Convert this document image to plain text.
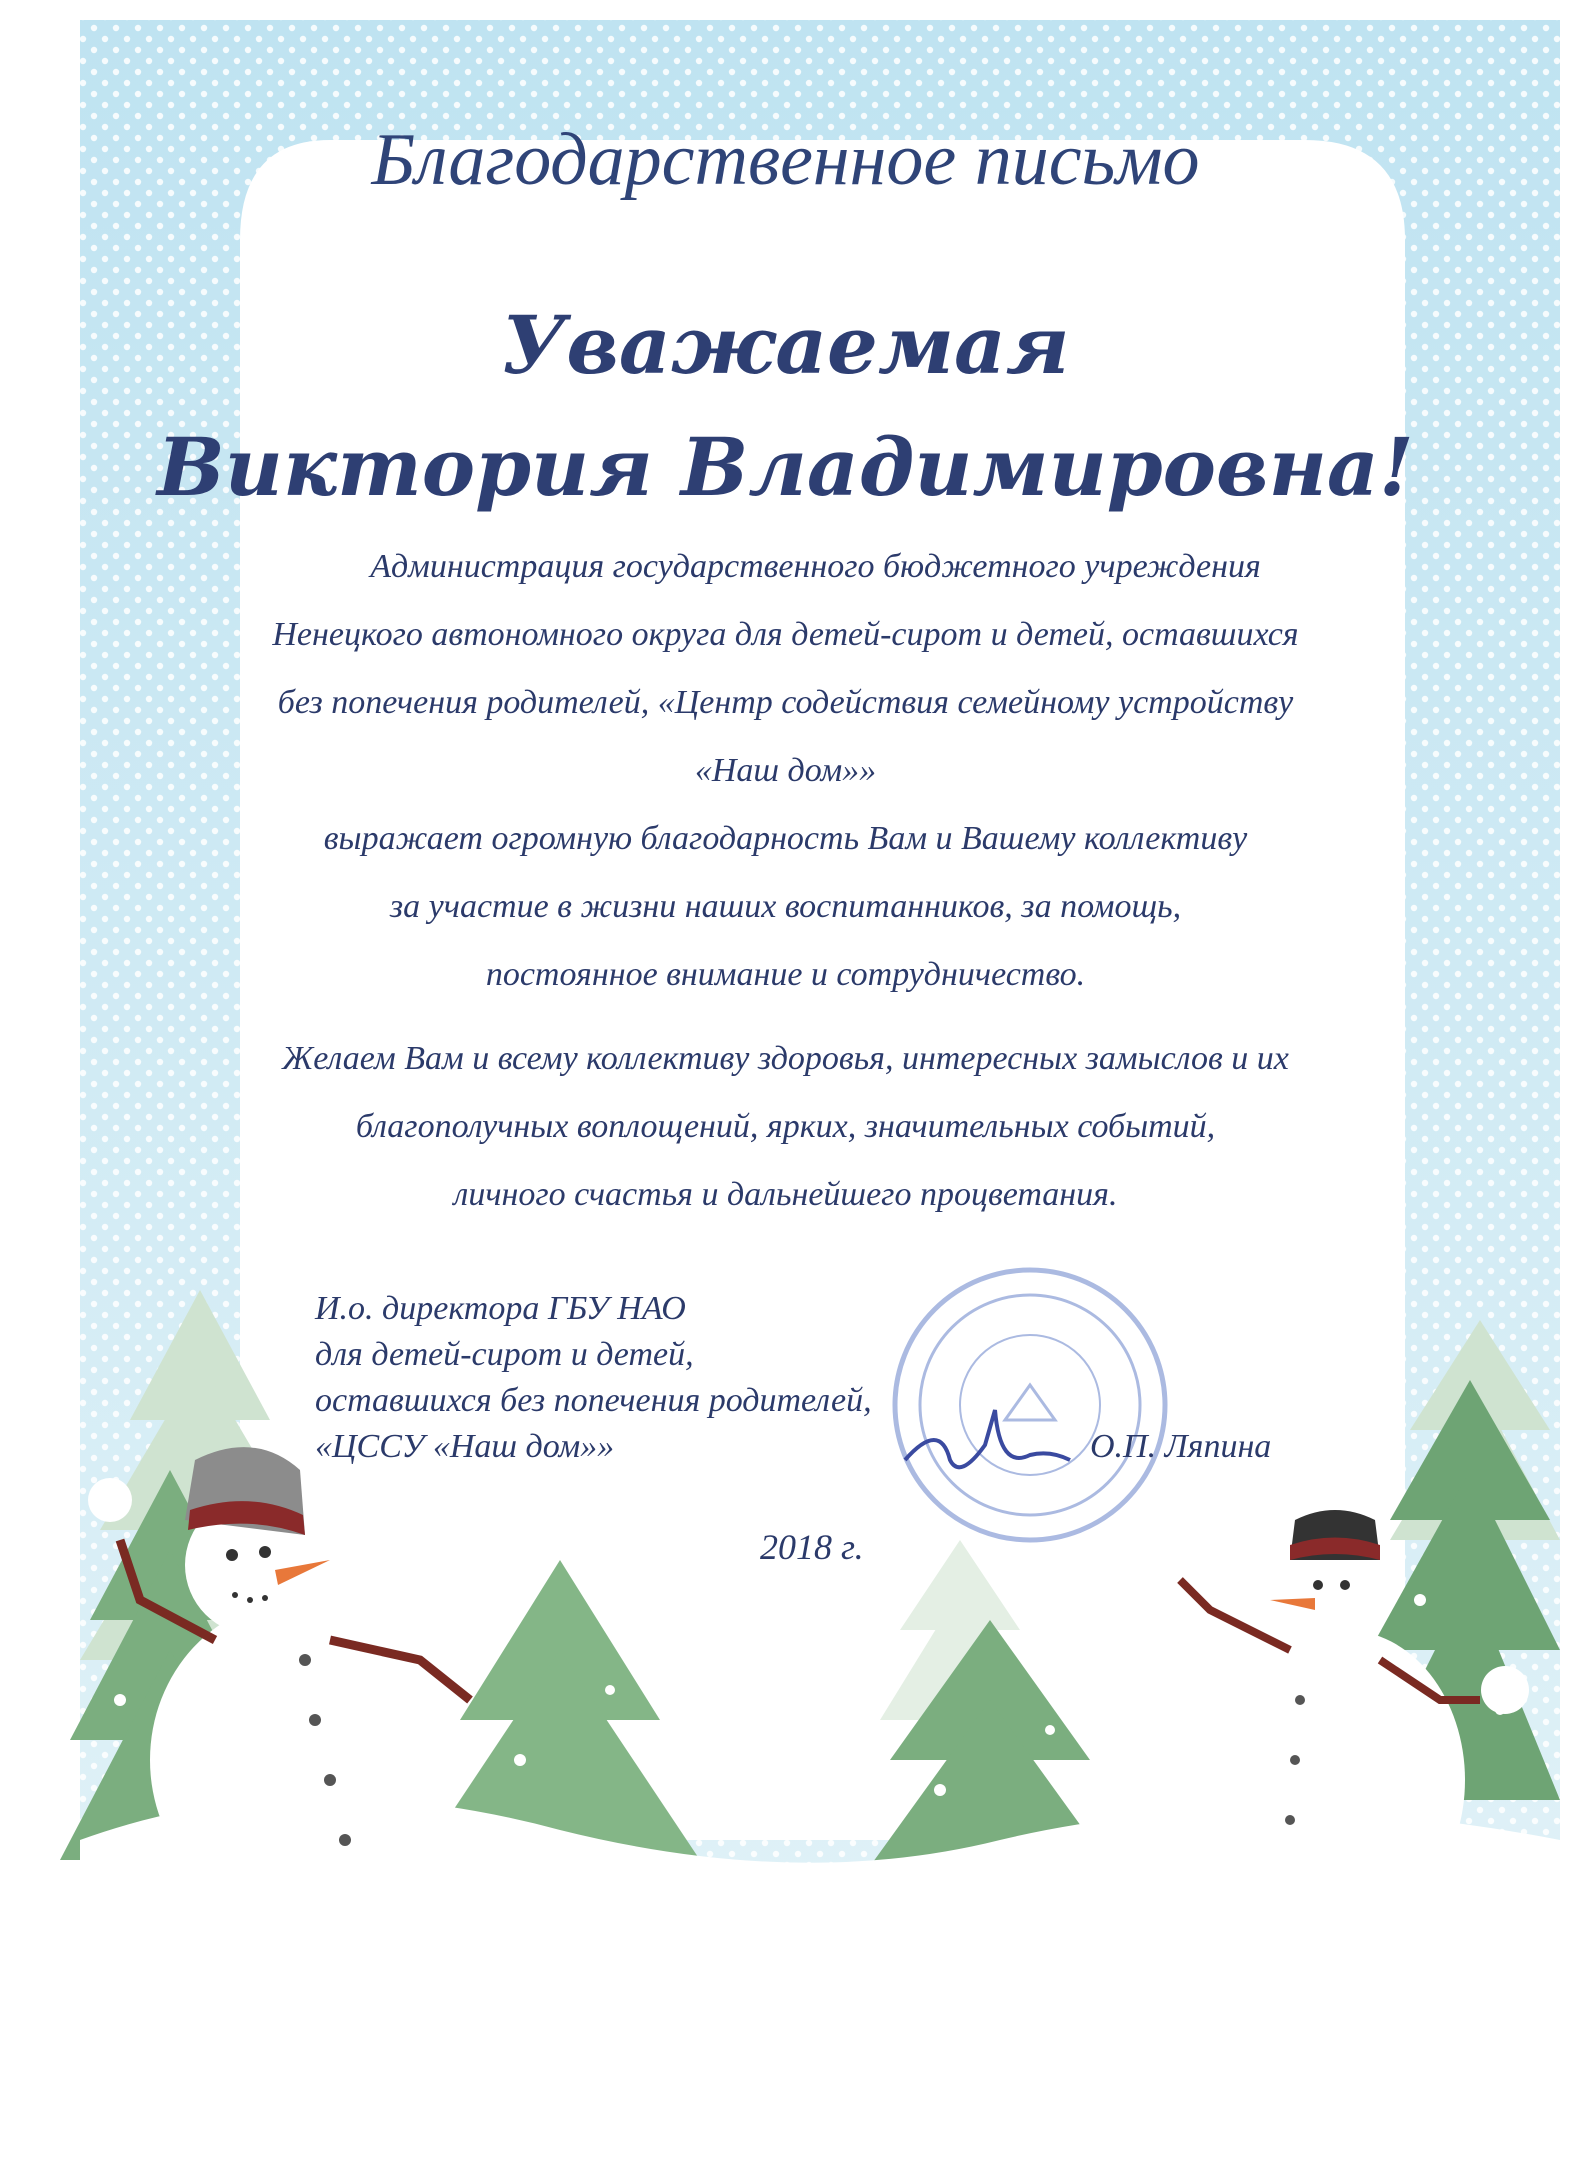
Благодарственное письмо
Уважаемая
Виктория Владимировна!
Администрация государственного бюджетного учреждения
Ненецкого автономного округа для детей-сирот и детей, оставшихся
без попечения родителей, «Центр содействия семейному устройству
«Наш дом»»
выражает огромную благодарность Вам и Вашему коллективу
за участие в жизни наших воспитанников, за помощь,
постоянное внимание и сотрудничество.
Желаем Вам и всему коллективу здоровья, интересных замыслов и их
благополучных воплощений, ярких, значительных событий,
личного счастья и дальнейшего процветания.
И.о. директора ГБУ НАО
для детей-сирот и детей,
оставшихся без попечения родителей,
«ЦССУ «Наш дом»»	О.П. Ляпина
2018 г.
